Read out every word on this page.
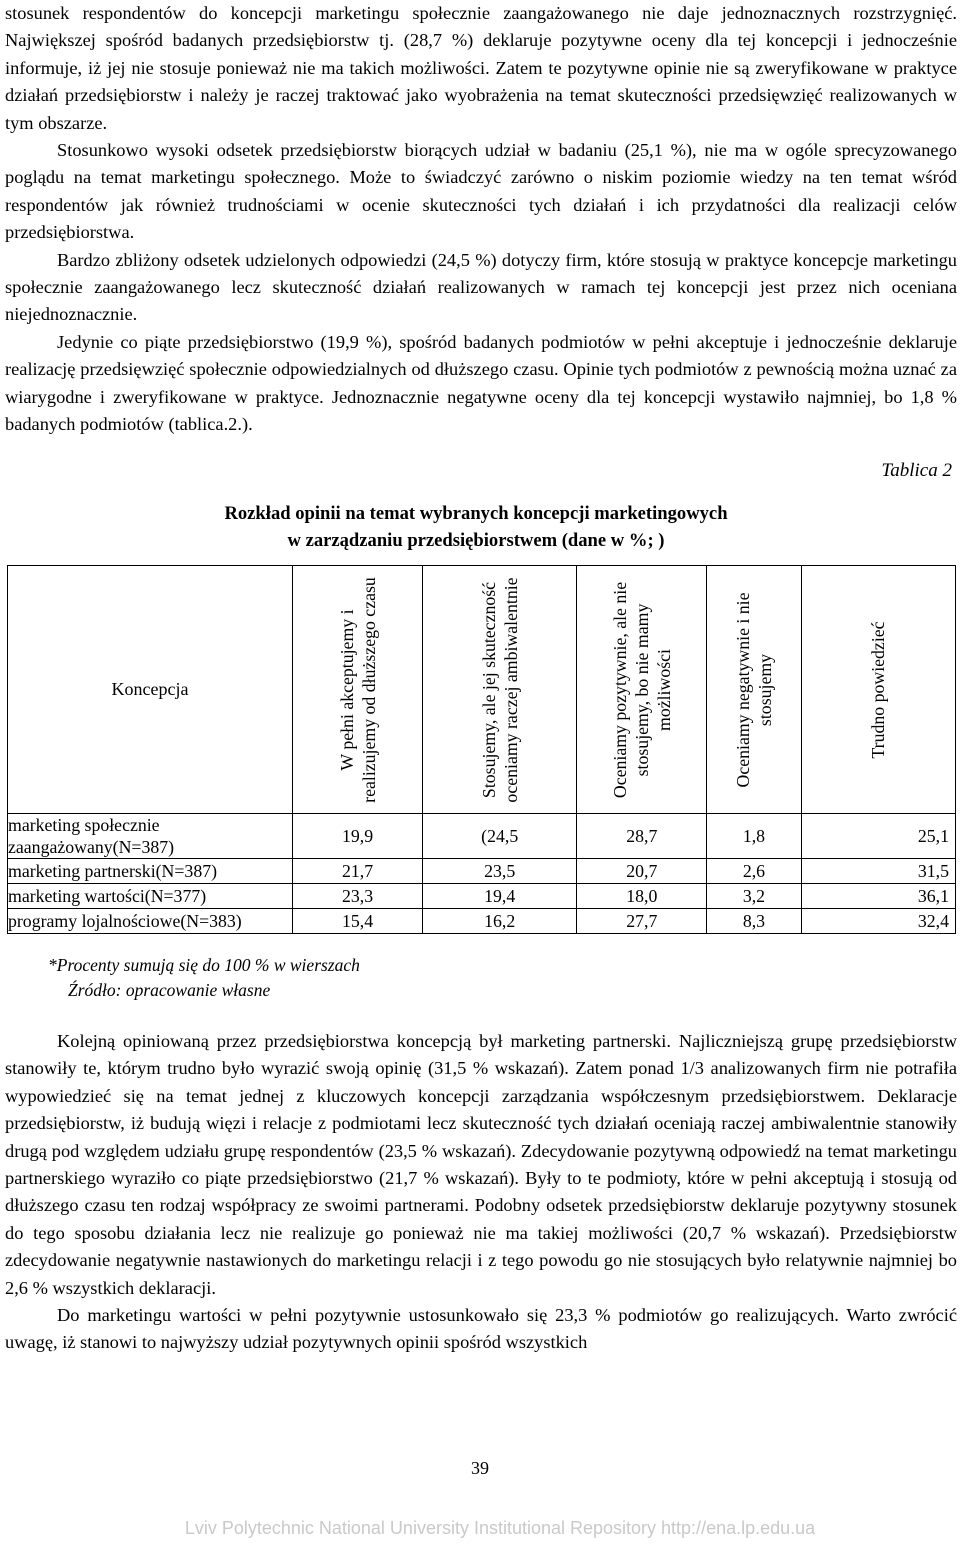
stosunek respondentów do koncepcji marketingu społecznie zaangażowanego nie daje jednoznacznych rozstrzygnięć. Największej spośród badanych przedsiębiorstw tj. (28,7 %) deklaruje pozytywne oceny dla tej koncepcji i jednocześnie informuje, iż jej nie stosuje ponieważ nie ma takich możliwości. Zatem te pozytywne opinie nie są zweryfikowane w praktyce działań przedsiębiorstw i należy je raczej traktować jako wyobrażenia na temat skuteczności przedsięwzięć realizowanych w tym obszarze.

Stosunkowo wysoki odsetek przedsiębiorstw biorących udział w badaniu (25,1 %), nie ma w ogóle sprecyzowanego poglądu na temat marketingu społecznego. Może to świadczyć zarówno o niskim poziomie wiedzy na ten temat wśród respondentów jak również trudnościami w ocenie skuteczności tych działań i ich przydatności dla realizacji celów przedsiębiorstwa.

Bardzo zbliżony odsetek udzielonych odpowiedzi (24,5 %) dotyczy firm, które stosują w praktyce koncepcje marketingu społecznie zaangażowanego lecz skuteczność działań realizowanych w ramach tej koncepcji jest przez nich oceniana niejednoznacznie.

Jedynie co piąte przedsiębiorstwo (19,9 %), spośród badanych podmiotów w pełni akceptuje i jednocześnie deklaruje realizację przedsięwzięć społecznie odpowiedzialnych od dłuższego czasu. Opinie tych podmiotów z pewnością można uznać za wiarygodne i zweryfikowane w praktyce. Jednoznacznie negatywne oceny dla tej koncepcji wystawiło najmniej, bo 1,8 % badanych podmiotów (tablica.2.).

Tablica 2
Rozkład opinii na temat wybranych koncepcji marketingowych
w zarządzaniu przedsiębiorstwem (dane w %; )
Koncepcja	W pełni akceptujemy i realizujemy od dłuższego czasu	Stosujemy, ale jej skuteczność oceniamy raczej ambiwalentnie	Oceniamy pozytywnie, ale nie stosujemy, bo nie mamy możliwości	Oceniamy negatywnie i nie stosujemy	Trudno powiedzieć

marketing społecznie
zaangażowany(N=387)	19,9	(24,5	28,7	1,8	25,1
marketing partnerski(N=387)	21,7	23,5	20,7	2,6	31,5
marketing wartości(N=377)	23,3	19,4	18,0	3,2	36,1
programy lojalnościowe(N=383)	15,4	16,2	27,7	8,3	32,4
*Procenty sumują się do 100 % w wierszach
Źródło: opracowanie własne

Kolejną opiniowaną przez przedsiębiorstwa koncepcją był marketing partnerski. Najliczniejszą grupę przedsiębiorstw stanowiły te, którym trudno było wyrazić swoją opinię (31,5 % wskazań). Zatem ponad 1/3 analizowanych firm nie potrafiła wypowiedzieć się na temat jednej z kluczowych koncepcji zarządzania współczesnym przedsiębiorstwem. Deklaracje przedsiębiorstw, iż budują więzi i relacje z podmiotami lecz skuteczność tych działań oceniają raczej ambiwalentnie stanowiły drugą pod względem udziału grupę respondentów (23,5 % wskazań). Zdecydowanie pozytywną odpowiedź na temat marketingu partnerskiego wyraziło co piąte przedsiębiorstwo (21,7 % wskazań). Były to te podmioty, które w pełni akceptują i stosują od dłuższego czasu ten rodzaj współpracy ze swoimi partnerami. Podobny odsetek przedsiębiorstw deklaruje pozytywny stosunek do tego sposobu działania lecz nie realizuje go ponieważ nie ma takiej możliwości (20,7 % wskazań). Przedsiębiorstw zdecydowanie negatywnie nastawionych do marketingu relacji i z tego powodu go nie stosujących było relatywnie najmniej bo 2,6 % wszystkich deklaracji.

Do marketingu wartości w pełni pozytywnie ustosunkowało się 23,3 % podmiotów go realizujących. Warto zwrócić uwagę, iż stanowi to najwyższy udział pozytywnych opinii spośród wszystkich

39
Lviv Polytechnic National University Institutional Repository http://ena.lp.edu.ua
